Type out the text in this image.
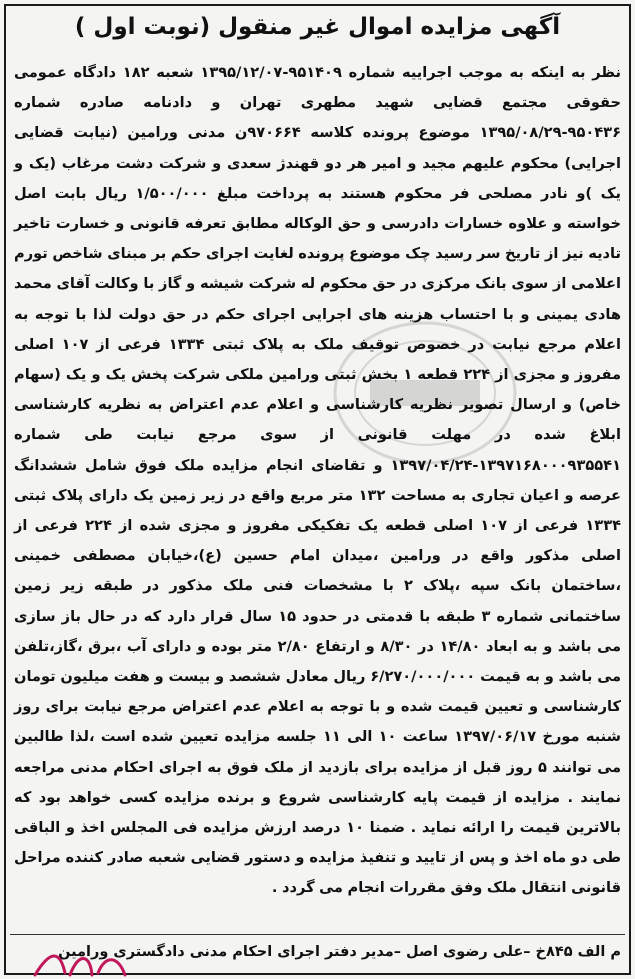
آگهی مزایده اموال غیر منقول (نوبت اول )

نظر به اینکه به موجب اجراییه شماره ۹۵۱۴۰۹-۱۳۹۵/۱۲/۰۷ شعبه ۱۸۲ دادگاه عمومی حقوقی مجتمع قضایی شهید مطهری تهران و دادنامه صادره شماره ۹۵۰۴۳۶-۱۳۹۵/۰۸/۲۹ موضوع پرونده کلاسه ۹۷۰۶۶۴ن مدنی ورامین (نیابت قضایی اجرایی) محکوم علیهم مجید و امیر هر دو قهندژ سعدی و شرکت دشت مرغاب (یک و یک )و نادر مصلحی فر محکوم هستند به پرداخت مبلغ ۱/۵۰۰/۰۰۰ ریال بابت اصل خواسته و علاوه خسارات دادرسی و حق الوکاله مطابق تعرفه قانونی و خسارت تاخیر تادیه نیز از تاریخ سر رسید چک موضوع پرونده لغایت اجرای حکم بر مبنای شاخص تورم اعلامی از سوی بانک مرکزی در حق محکوم له شرکت شیشه و گاز با وکالت آقای محمد هادی یمینی و با احتساب هزینه های اجرایی اجرای حکم در حق دولت لذا با توجه به اعلام مرجع نیابت در خصوص توقیف ملک به پلاک ثبتی ۱۳۳۴ فرعی از ۱۰۷ اصلی مفروز و مجزی از ۲۲۴ قطعه ۱ بخش ثبتی ورامین ملکی شرکت پخش یک و یک (سهام خاص) و ارسال تصویر نظریه کارشناسی و اعلام عدم اعتراض به نظریه کارشناسی ابلاغ شده در مهلت قانونی از سوی مرجع نیابت طی شماره ۱۳۹۷۱۶۸۰۰۰۹۳۵۵۴۱-۱۳۹۷/۰۴/۲۴ و تقاضای انجام مزایده ملک فوق شامل ششدانگ عرصه و اعیان تجاری به مساحت ۱۳۲ متر مربع واقع در زیر زمین یک دارای پلاک ثبتی ۱۳۳۴ فرعی از ۱۰۷ اصلی قطعه یک تفکیکی مفروز و مجزی شده از ۲۲۴ فرعی از اصلی مذکور واقع در ورامین ،میدان امام حسین (ع)،خیابان مصطفی خمینی ،ساختمان بانک سپه ،پلاک ۲ با مشخصات فنی ملک مذکور در طبقه زیر زمین ساختمانی شماره ۳ طبقه با قدمتی در حدود ۱۵ سال قرار دارد که در حال باز سازی می باشد و به ابعاد ۱۴/۸۰ در ۸/۳۰ و ارتفاع ۲/۸۰ متر بوده و دارای آب ،برق ،گاز،تلفن می باشد و به قیمت ۶/۲۷۰/۰۰۰/۰۰۰ ریال معادل ششصد و بیست و هفت میلیون تومان کارشناسی و تعیین قیمت شده و با توجه به اعلام عدم اعتراض مرجع نیابت برای روز شنبه مورخ ۱۳۹۷/۰۶/۱۷ ساعت ۱۰ الی ۱۱ جلسه مزایده تعیین شده است ،لذا طالبین می توانند ۵ روز قبل از مزایده برای بازدید از ملک فوق به اجرای احکام مدنی مراجعه نمایند . مزایده از قیمت پایه کارشناسی شروع و برنده مزایده کسی خواهد بود که بالاترین قیمت را ارائه نماید . ضمنا ۱۰ درصد ارزش مزایده فی المجلس اخذ و الباقی طی دو ماه اخذ و پس از تایید و تنفیذ مزایده و دستور قضایی شعبه صادر کننده مراحل قانونی انتقال ملک وفق مقررات انجام می گردد .

م الف ۸۴۵خ –علی رضوی اصل –مدیر دفتر اجرای احکام مدنی دادگستری ورامین
